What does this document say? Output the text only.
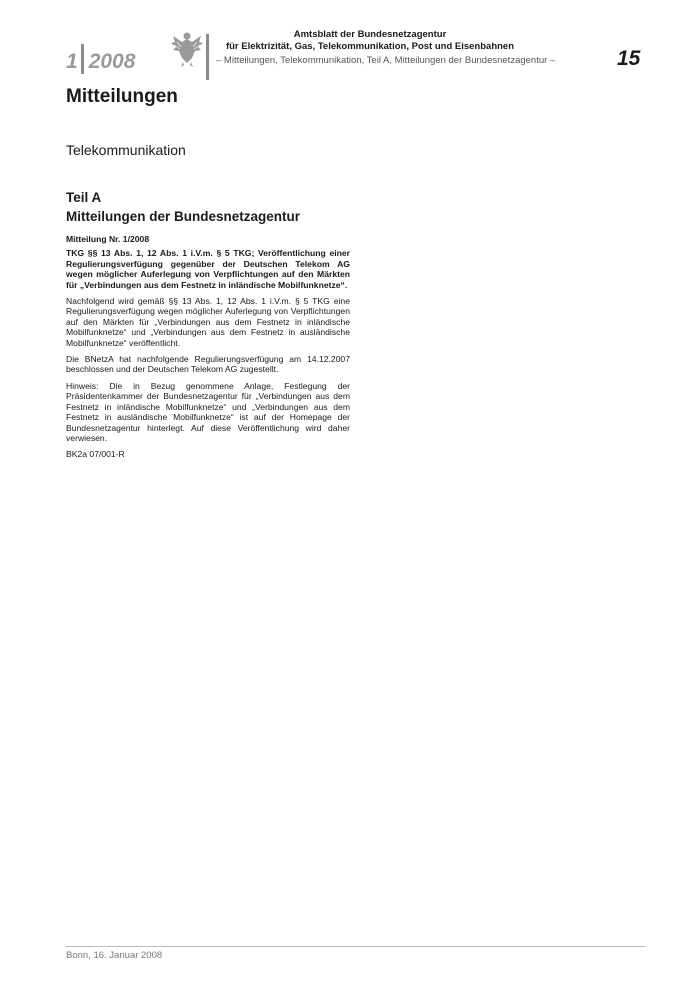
1 2008
Amtsblatt der Bundesnetzagentur
für Elektrizität, Gas, Telekommunikation, Post und Eisenbahnen
– Mitteilungen, Telekommunikation, Teil A, Mitteilungen der Bundesnetzagentur –	15
Mitteilungen
Telekommunikation
Teil A
Mitteilungen der Bundesnetzagentur

Mitteilung Nr. 1/2008

TKG §§ 13 Abs. 1, 12 Abs. 1 i.V.m. § 5 TKG; Veröffentlichung einer Regulierungsverfügung gegenüber der Deutschen Telekom AG wegen möglicher Auferlegung von Verpflichtungen auf den Märkten für „Verbindungen aus dem Festnetz in inländische Mobilfunknetze“.

Nachfolgend wird gemäß §§ 13 Abs. 1, 12 Abs. 1 i.V.m. § 5 TKG eine Regulierungsverfügung wegen möglicher Auferlegung von Verpflichtungen auf den Märkten für „Verbindungen aus dem Festnetz in inländische Mobilfunknetze“ und „Verbindungen aus dem Festnetz in ausländische Mobilfunknetze“ veröffentlicht.

Die BNetzA hat nachfolgende Regulierungsverfügung am 14.12.2007 beschlossen und der Deutschen Telekom AG zugestellt.

Hinweis: Die in Bezug genommene Anlage, Festlegung der Präsidentenkammer der Bundesnetzagentur für „Verbindungen aus dem Festnetz in inländische Mobilfunknetze“ und „Verbindungen aus dem Festnetz in ausländische Mobilfunknetze“ ist auf der Homepage der Bundesnetzagentur hinterlegt. Auf diese Veröffentlichung wird daher verwiesen.

BK2a 07/001-R

Bonn, 16. Januar 2008
